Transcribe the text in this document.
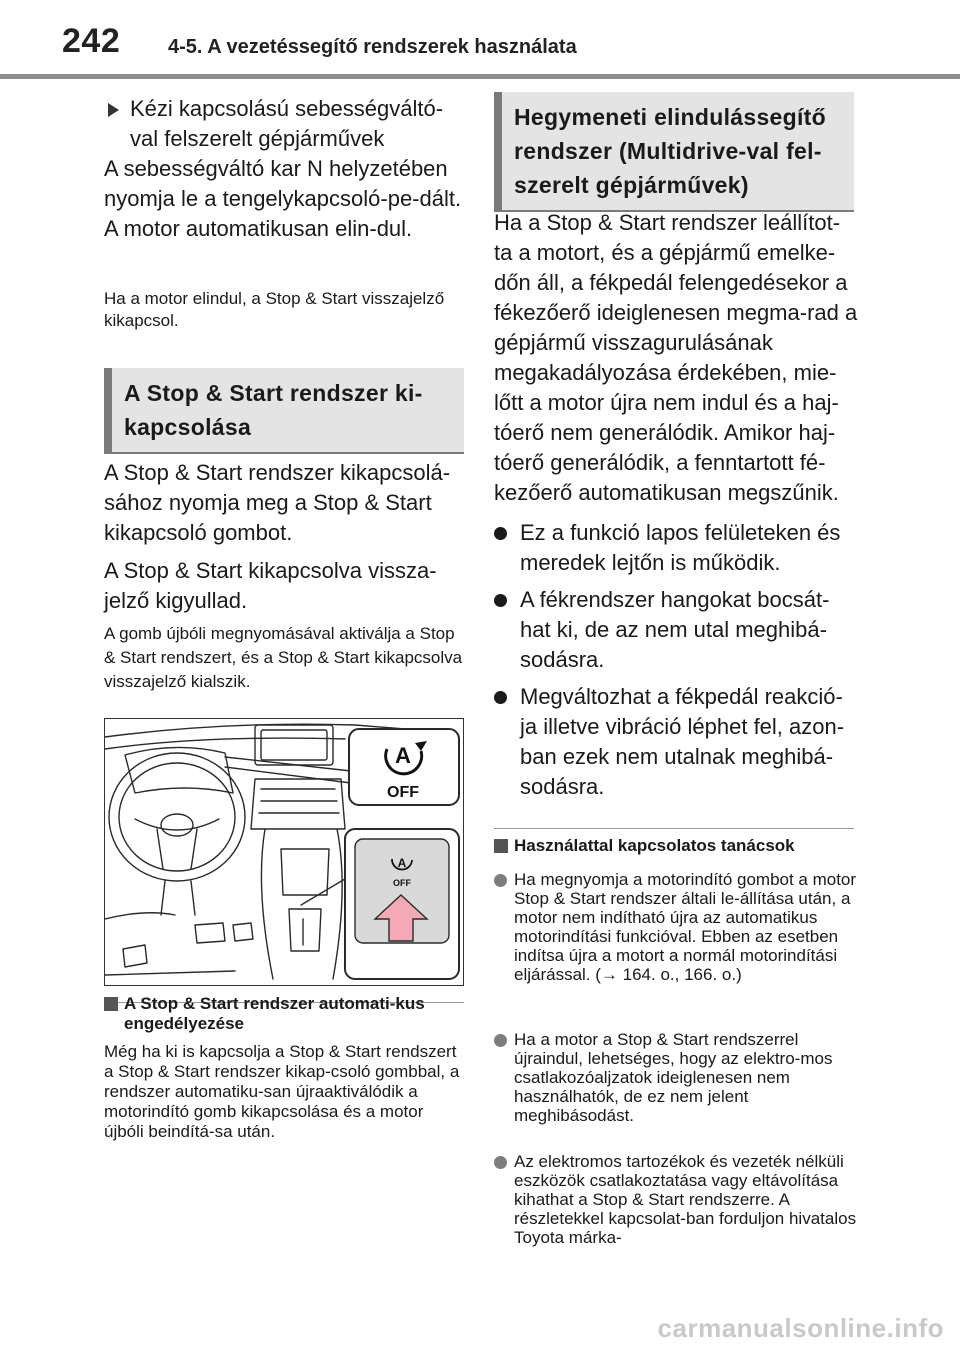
242 4-5. A vezetéssegítő rendszerek használata
Kézi kapcsolású sebességváltó-val felszerelt gépjárművek
A sebességváltó kar N helyzetében nyomja le a tengelykapcsoló-pe-dált. A motor automatikusan elin-dul.
Ha a motor elindul, a Stop & Start visszajelző kikapcsol.
A Stop & Start rendszer ki-kapcsolása
A Stop & Start rendszer kikapcsolá-sához nyomja meg a Stop & Start kikapcsoló gombot.
A Stop & Start kikapcsolva vissza-jelző kigyullad.
A gomb újbóli megnyomásával aktiválja a Stop & Start rendszert, és a Stop & Start kikapcsolva visszajelző kialszik.
A
OFF
A
OFF
A Stop & Start rendszer automati-kus engedélyezése
Még ha ki is kapcsolja a Stop & Start rendszert a Stop & Start rendszer kikap-csoló gombbal, a rendszer automatiku-san újraaktiválódik a motorindító gomb kikapcsolása és a motor újbóli beindítá-sa után.
Hegymeneti elindulássegítő rendszer (Multidrive-val fel-szerelt gépjárművek)
Ha a Stop & Start rendszer leállítot-ta a motort, és a gépjármű emelke-dőn áll, a fékpedál felengedésekor a fékezőerő ideiglenesen megma-rad a gépjármű visszagurulásának megakadályozása érdekében, mie-lőtt a motor újra nem indul és a haj-tóerő nem generálódik. Amikor haj-tóerő generálódik, a fenntartott fé-kezőerő automatikusan megszűnik.
Ez a funkció lapos felületeken és meredek lejtőn is működik.
A fékrendszer hangokat bocsát-hat ki, de az nem utal meghibá-sodásra.
Megváltozhat a fékpedál reakció-ja illetve vibráció léphet fel, azon-ban ezek nem utalnak meghibá-sodásra.
Használattal kapcsolatos tanácsok
Ha megnyomja a motorindító gombot a motor Stop & Start rendszer általi le-állítása után, a motor nem indítható újra az automatikus motorindítási funkcióval. Ebben az esetben indítsa újra a motort a normál motorindítási eljárással. (→ 164. o., 166. o.)
Ha a motor a Stop & Start rendszerrel újraindul, lehetséges, hogy az elektro-mos csatlakozóaljzatok ideiglenesen nem használhatók, de ez nem jelent meghibásodást.
Az elektromos tartozékok és vezeték nélküli eszközök csatlakoztatása vagy eltávolítása kihathat a Stop & Start rendszerre. A részletekkel kapcsolat-ban forduljon hivatalos Toyota márka-
carmanualsonline.info
